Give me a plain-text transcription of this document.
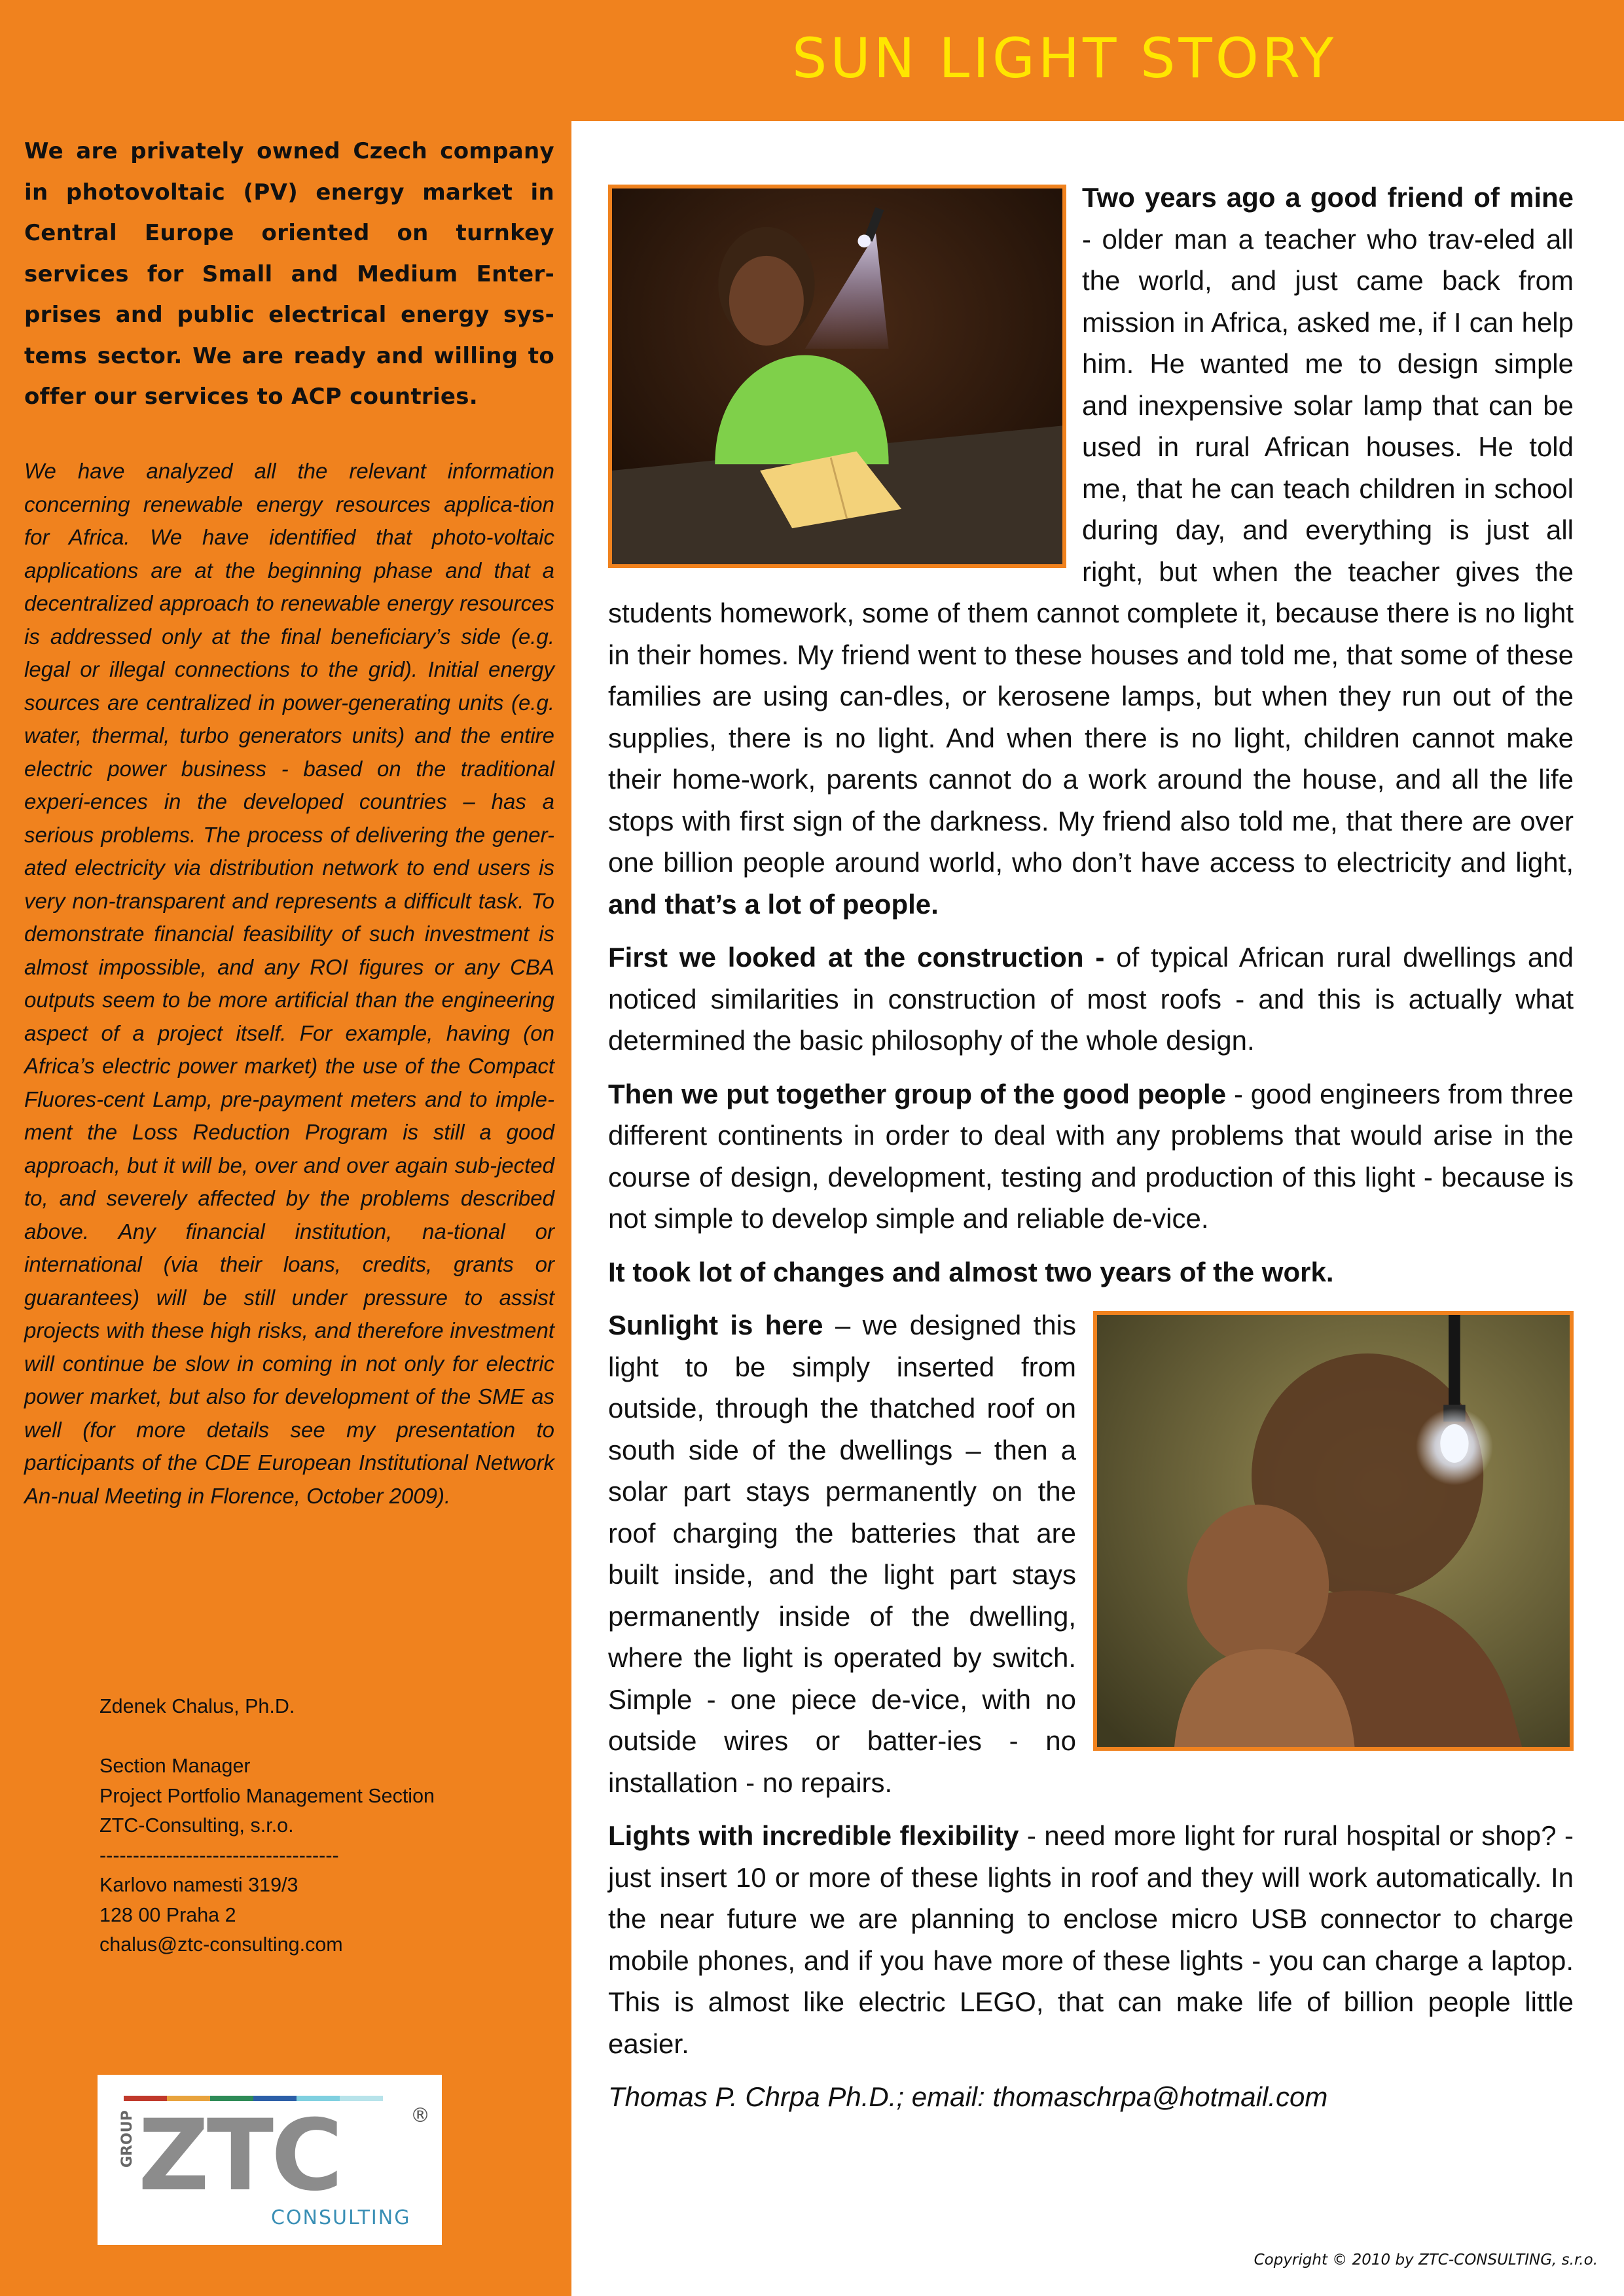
SUN LIGHT STORY

We are privately owned Czech company in photovoltaic (PV) energy market in Central Europe oriented on turnkey services for Small and Medium Enter-prises and public electrical energy sys-tems sector. We are ready and willing to offer our services to ACP countries.

We have analyzed all the relevant information concerning renewable energy resources applica-tion for Africa. We have identified that photo-voltaic applications are at the beginning phase and that a decentralized approach to renewable energy resources is addressed only at the final beneficiary’s side (e.g. legal or illegal connections to the grid). Initial energy sources are centralized in power-generating units (e.g. water, thermal, turbo generators units) and the entire electric power business - based on the traditional experi-ences in the developed countries – has a serious problems. The process of delivering the gener-ated electricity via distribution network to end users is very non-transparent and represents a difficult task. To demonstrate financial feasibility of such investment is almost impossible, and any ROI figures or any CBA outputs seem to be more artificial than the engineering aspect of a project itself. For example, having (on Africa’s electric power market) the use of the Compact Fluores-cent Lamp, pre-payment meters and to imple-ment the Loss Reduction Program is still a good approach, but it will be, over and over again sub-jected to, and severely affected by the problems described above. Any financial institution, na-tional or international (via their loans, credits, grants or guarantees) will be still under pressure to assist projects with these high risks, and therefore investment will continue be slow in coming in not only for electric power market, but also for development of the SME as well (for more details see my presentation to participants of the CDE European Institutional Network An-nual Meeting in Florence, October 2009).

Zdenek Chalus, Ph.D.
Section Manager
Project Portfolio Management Section
ZTC-Consulting, s.r.o.
------------------------------------
Karlovo namesti 319/3
128 00 Praha 2
chalus@ztc-consulting.com
GROUP ZTC	®
CONSULTING

Two years ago a good friend of mine - older man a teacher who trav-eled all the world, and just came back from mission in Africa, asked me, if I can help him. He wanted me to design simple and inexpensive solar lamp that can be used in rural African houses. He told me, that he can teach children in school during day, and everything is just all right, but when the teacher gives the students homework, some of them cannot complete it, because there is no light in their homes. My friend went to these houses and told me, that some of these families are using can-dles, or kerosene lamps, but when they run out of the supplies, there is no light. And when there is no light, children cannot make their home-work, parents cannot do a work around the house, and all the life stops with first sign of the darkness. My friend also told me, that there are over one billion people around world, who don’t have access to electricity and light, and that’s a lot of people.

First we looked at the construction - of typical African rural dwellings and noticed similarities in construction of most roofs - and this is actually what determined the basic philosophy of the whole design.

Then we put together group of the good people - good engineers from three different continents in order to deal with any problems that would arise in the course of design, development, testing and production of this light - because is not simple to develop simple and reliable de-vice.

It took lot of changes and almost two years of the work.

Sunlight is here – we designed this light to be simply inserted from outside, through the thatched roof on south side of the dwellings – then a solar part stays permanently on the roof charging the batteries that are built inside, and the light part stays permanently inside of the dwelling, where the light is operated by switch. Simple - one piece de-vice, with no outside wires or batter-ies - no installation - no repairs.

Lights with incredible flexibility - need more light for rural hospital or shop? - just insert 10 or more of these lights in roof and they will work automatically. In the near future we are planning to enclose micro USB connector to charge mobile phones, and if you have more of these lights - you can charge a laptop. This is almost like electric LEGO, that can make life of billion people little easier.

Thomas P. Chrpa Ph.D.; email: thomaschrpa@hotmail.com

Copyright © 2010 by ZTC-CONSULTING, s.r.o.
